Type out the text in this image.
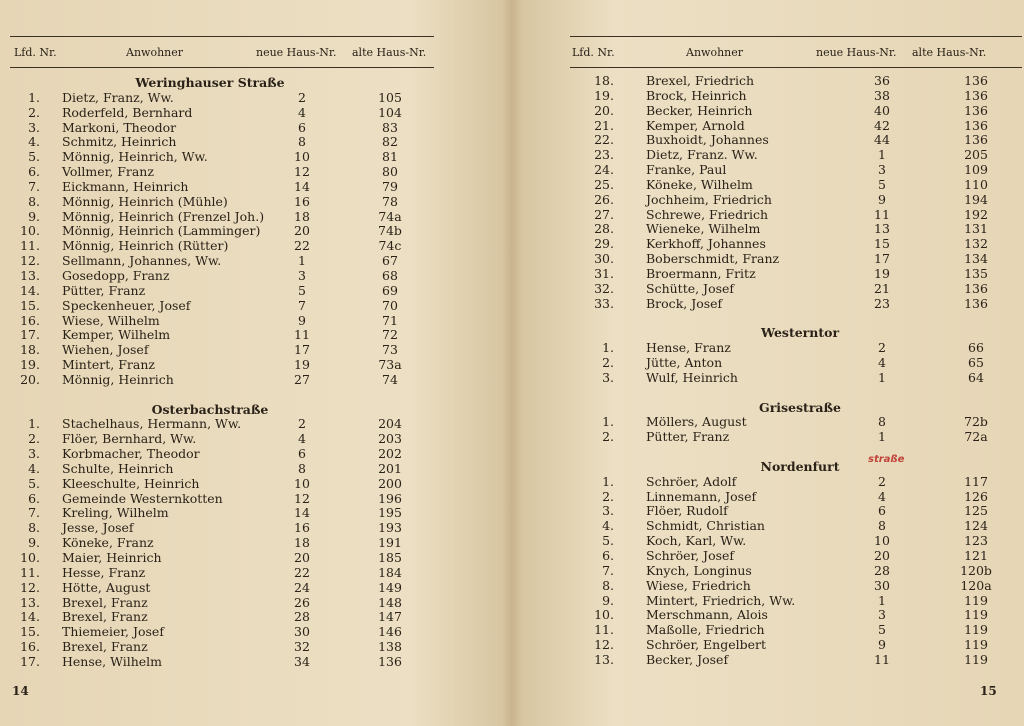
Lfd. Nr.	Anwohner	neue Haus-Nr. alte Haus-Nr.
Weringhauser Straße
1. Dietz, Franz, Ww.	2	105
2. Roderfeld, Bernhard	4	104
3. Markoni, Theodor	6	83
4. Schmitz, Heinrich	8	82
5. Mönnig, Heinrich, Ww.	10	81
6. Vollmer, Franz	12	80
7. Eickmann, Heinrich	14	79
8. Mönnig, Heinrich (Mühle)	16	78
9. Mönnig, Heinrich (Frenzel Joh.)	18	74a
10. Mönnig, Heinrich (Lamminger)	20	74b
11. Mönnig, Heinrich (Rütter)	22	74c
12. Sellmann, Johannes, Ww.	1	67
13. Gosedopp, Franz	3	68
14. Pütter, Franz	5	69
15. Speckenheuer, Josef	7	70
16. Wiese, Wilhelm	9	71
17. Kemper, Wilhelm	11	72
18. Wiehen, Josef	17	73
19. Mintert, Franz	19	73a
20. Mönnig, Heinrich	27	74
Osterbachstraße
1. Stachelhaus, Hermann, Ww.	2	204
2. Flöer, Bernhard, Ww.	4	203
3. Korbmacher, Theodor	6	202
4. Schulte, Heinrich	8	201
5. Kleeschulte, Heinrich	10	200
6. Gemeinde Westernkotten	12	196
7. Kreling, Wilhelm	14	195
8. Jesse, Josef	16	193
9. Köneke, Franz	18	191
10. Maier, Heinrich	20	185
11. Hesse, Franz	22	184
12. Hötte, August	24	149
13. Brexel, Franz	26	148
14. Brexel, Franz	28	147
15. Thiemeier, Josef	30	146
16. Brexel, Franz	32	138
17. Hense, Wilhelm	34	136
14
Lfd. Nr.	Anwohner	neue Haus-Nr. alte Haus-Nr.
18.	Brexel, Friedrich	36	136
19.	Brock, Heinrich	38	136
20.	Becker, Heinrich	40	136
21.	Kemper, Arnold	42	136
22.	Buxhoidt, Johannes	44	136
23.	Dietz, Franz. Ww.	1	205
24.	Franke, Paul	3	109
25.	Köneke, Wilhelm	5	110
26.	Jochheim, Friedrich	9	194
27.	Schrewe, Friedrich	11	192
28.	Wieneke, Wilhelm	13	131
29.	Kerkhoff, Johannes	15	132
30.	Boberschmidt, Franz	17	134
31.	Broermann, Fritz	19	135
32.	Schütte, Josef	21	136
33.	Brock, Josef	23	136
Westerntor
1.	Hense, Franz	2	66
2.	Jütte, Anton	4	65
3.	Wulf, Heinrich	1	64
Grisestraße
1.	Möllers, August	8	72b
2.	Pütter, Franz	1	72a
Nordenfurt	straße
1.	Schröer, Adolf	2	117
2.	Linnemann, Josef	4	126
3.	Flöer, Rudolf	6	125
4.	Schmidt, Christian	8	124
5.	Koch, Karl, Ww.	10	123
6.	Schröer, Josef	20	121
7.	Knych, Longinus	28	120b
8.	Wiese, Friedrich	30	120a
9.	Mintert, Friedrich, Ww.	1	119
10.	Merschmann, Alois	3	119
11.	Maßolle, Friedrich	5	119
12.	Schröer, Engelbert	9	119
13.	Becker, Josef	11	119
15
